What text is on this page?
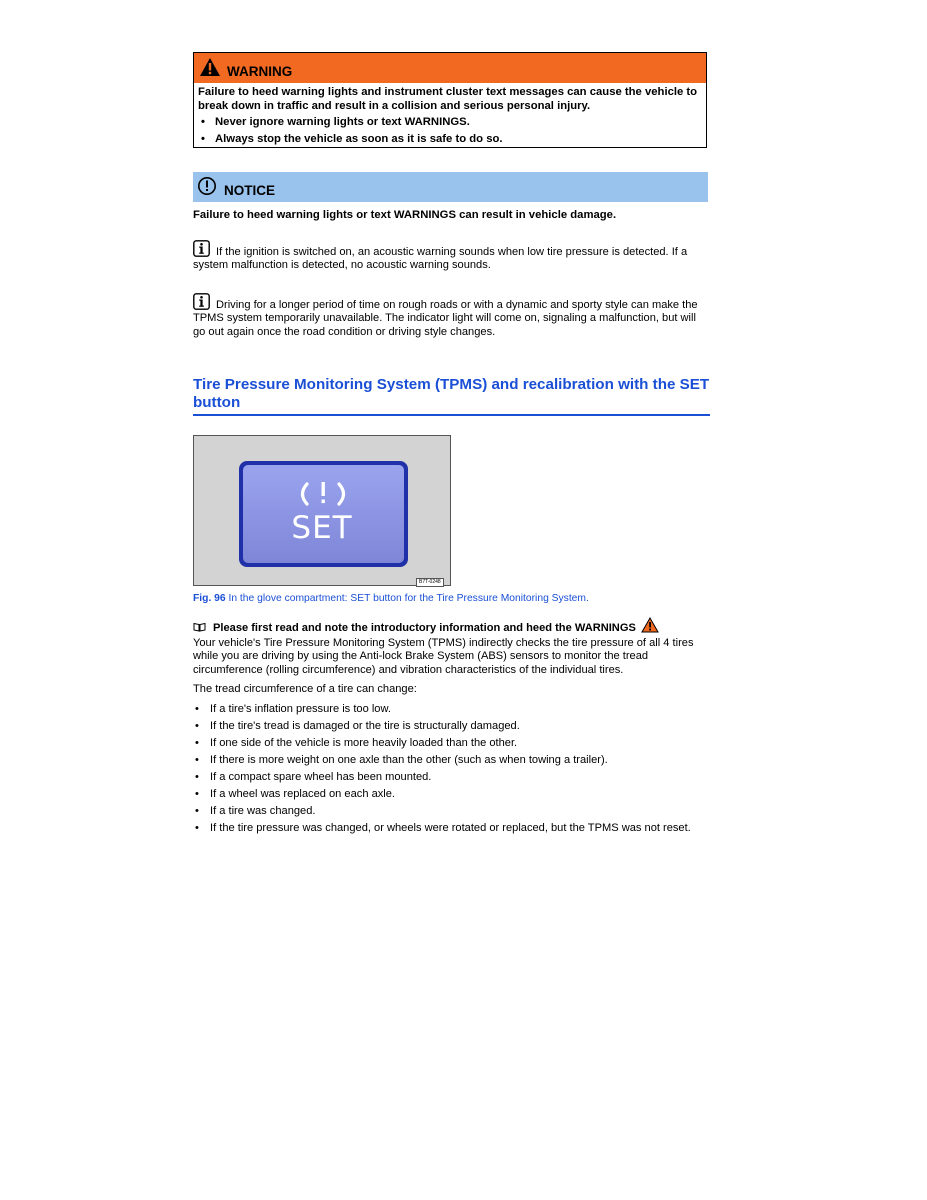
WARNING
Failure to heed warning lights and instrument cluster text messages can cause the vehicle to break down in traffic and result in a collision and serious personal injury.
• Never ignore warning lights or text WARNINGS.
• Always stop the vehicle as soon as it is safe to do so.
NOTICE
Failure to heed warning lights or text WARNINGS can result in vehicle damage.
If the ignition is switched on, an acoustic warning sounds when low tire pressure is detected. If a system malfunction is detected, no acoustic warning sounds.
Driving for a longer period of time on rough roads or with a dynamic and sporty style can make the TPMS system temporarily unavailable. The indicator light will come on, signaling a malfunction, but will go out again once the road condition or driving style changes.
Tire Pressure Monitoring System (TPMS) and recalibration with the SET button
SET
B7T-0248
Fig. 96 In the glove compartment: SET button for the Tire Pressure Monitoring System.
Please first read and note the introductory information and heed the WARNINGS
Your vehicle's Tire Pressure Monitoring System (TPMS) indirectly checks the tire pressure of all 4 tires while you are driving by using the Anti-lock Brake System (ABS) sensors to monitor the tread circumference (rolling circumference) and vibration characteristics of the individual tires.
The tread circumference of a tire can change:
• If a tire's inflation pressure is too low.
• If the tire's tread is damaged or the tire is structurally damaged.
• If one side of the vehicle is more heavily loaded than the other.
• If there is more weight on one axle than the other (such as when towing a trailer).
• If a compact spare wheel has been mounted.
• If a wheel was replaced on each axle.
• If a tire was changed.
• If the tire pressure was changed, or wheels were rotated or replaced, but the TPMS was not reset.
